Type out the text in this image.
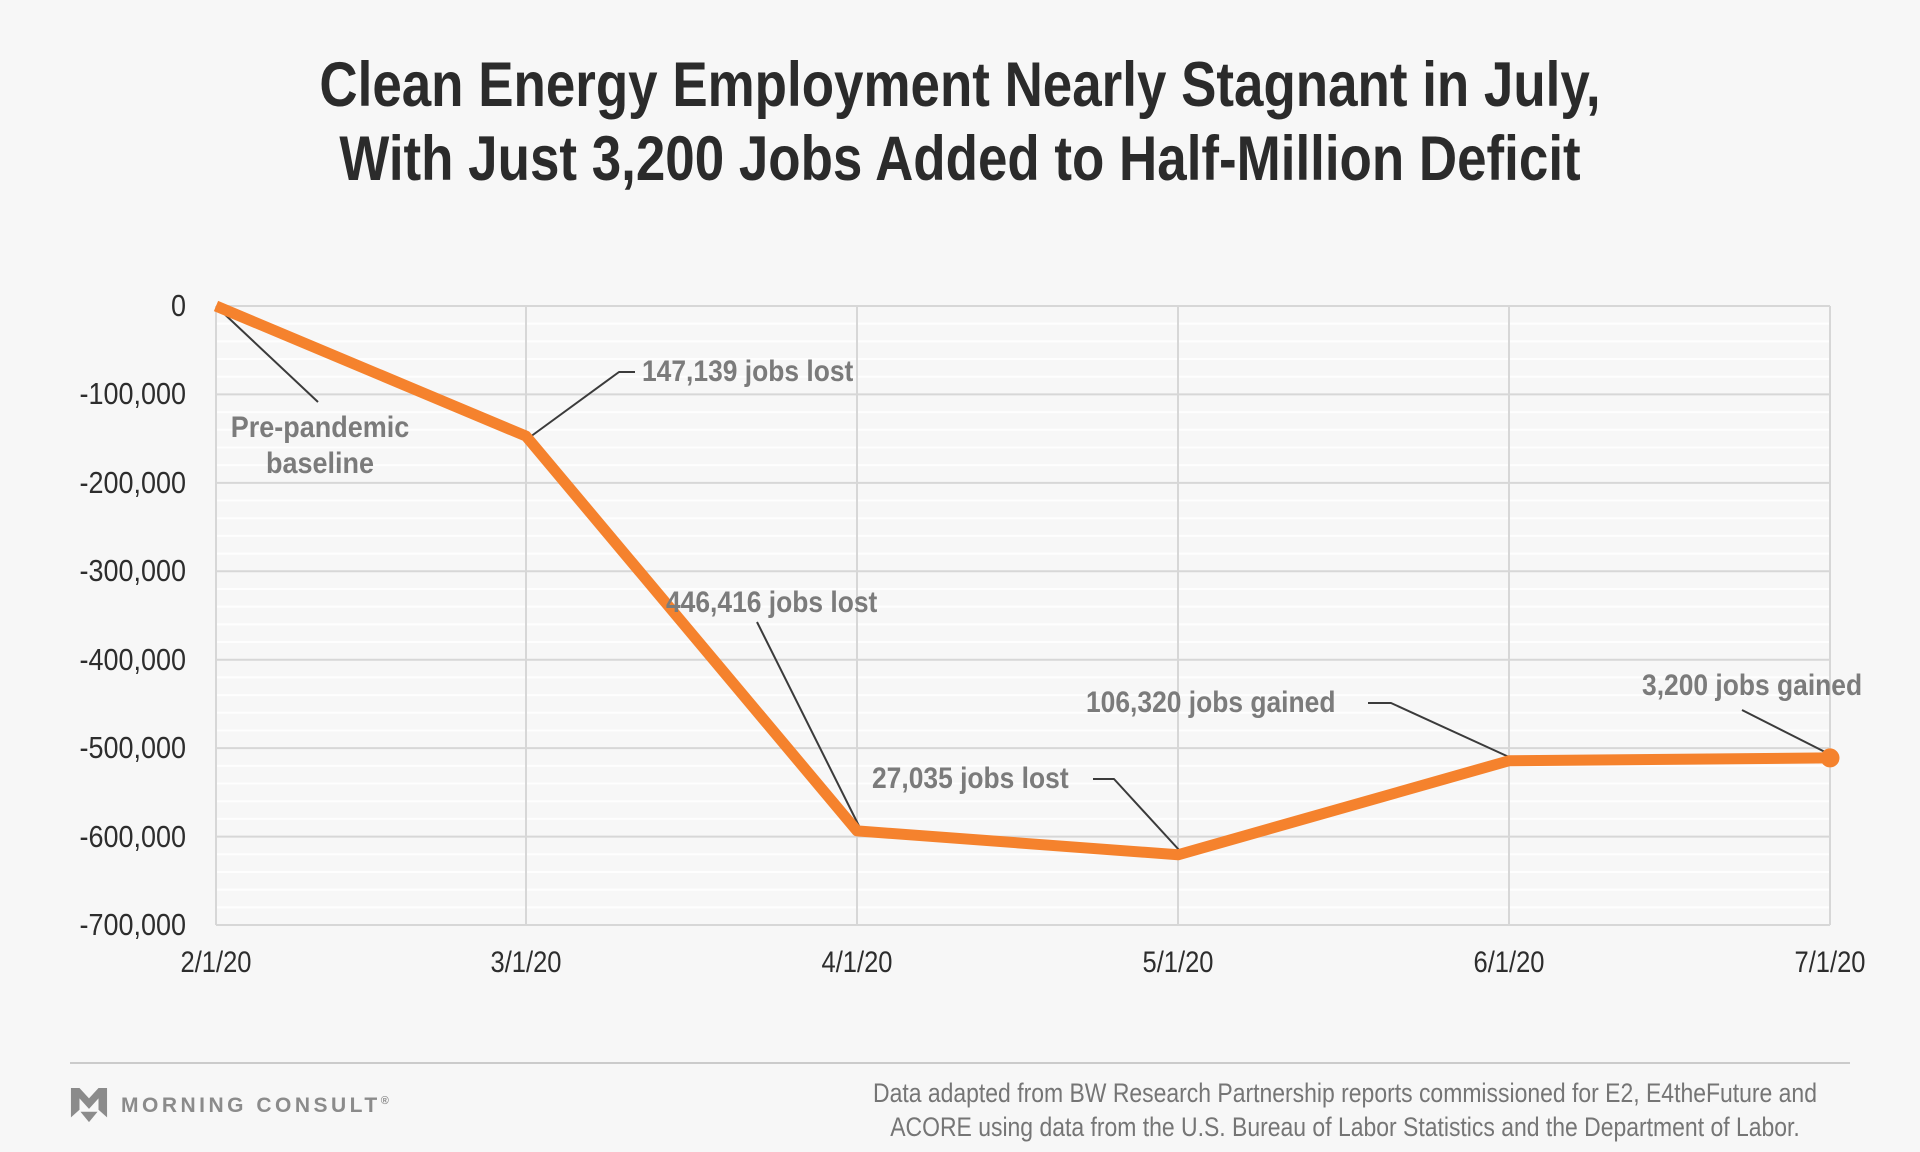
Clean Energy Employment Nearly Stagnant in July,
With Just 3,200 Jobs Added to Half-Million Deficit
0
-100,000
-200,000
-300,000
-400,000
-500,000
-600,000
-700,000
2/1/20	3/1/20	4/1/20	5/1/20	6/1/20	7/1/20
Pre-pandemic baseline
147,139 jobs lost
446,416 jobs lost
27,035 jobs lost
106,320 jobs gained
3,200 jobs gained
MORNING CONSULT®	Data adapted from BW Research Partnership reports commissioned for E2, E4theFuture and
ACORE using data from the U.S. Bureau of Labor Statistics and the Department of Labor.
